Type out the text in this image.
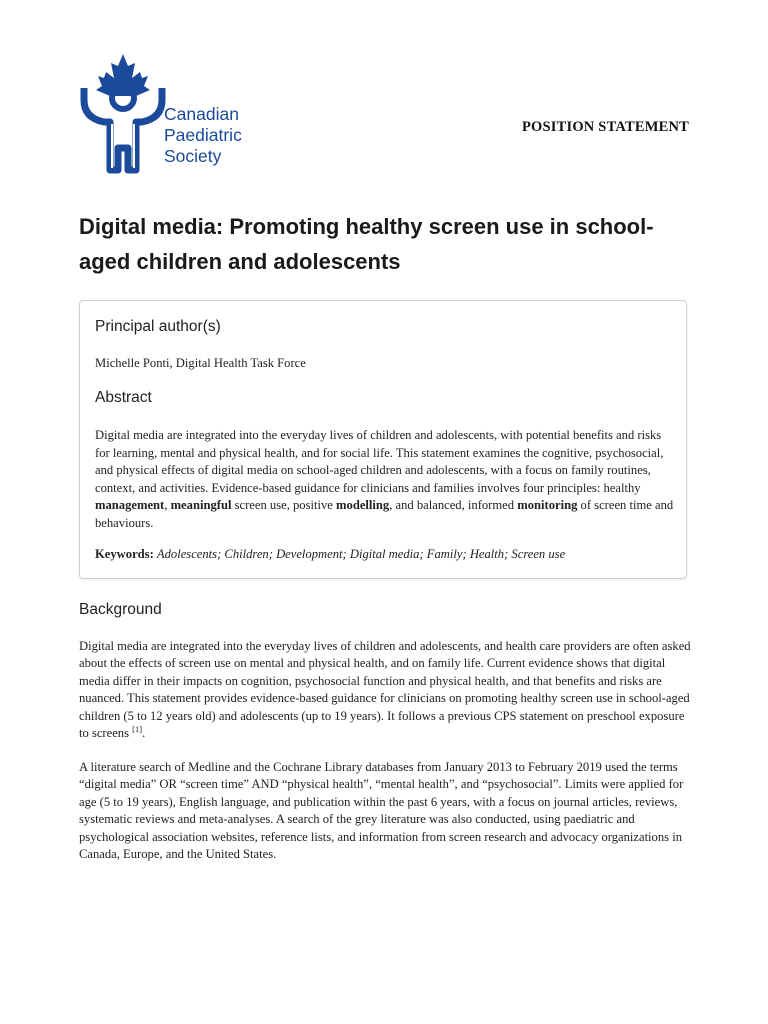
Canadian
Paediatric
Society
POSITION STATEMENT
Digital media: Promoting healthy screen use in school-aged children and adolescents
Principal author(s)

Michelle Ponti, Digital Health Task Force

Abstract

Digital media are integrated into the everyday lives of children and adolescents, with potential benefits and risks for learning, mental and physical health, and for social life. This statement examines the cognitive, psychosocial, and physical effects of digital media on school-aged children and adolescents, with a focus on family routines, context, and activities. Evidence-based guidance for clinicians and families involves four principles: healthy management, meaningful screen use, positive modelling, and balanced, informed monitoring of screen time and behaviours.

Keywords: Adolescents; Children; Development; Digital media; Family; Health; Screen use

Background

Digital media are integrated into the everyday lives of children and adolescents, and health care providers are often asked about the effects of screen use on mental and physical health, and on family life. Current evidence shows that digital media differ in their impacts on cognition, psychosocial function and physical health, and that benefits and risks are nuanced. This statement provides evidence-based guidance for clinicians on promoting healthy screen use in school-aged children (5 to 12 years old) and adolescents (up to 19 years). It follows a previous CPS statement on preschool exposure to screens [1].

A literature search of Medline and the Cochrane Library databases from January 2013 to February 2019 used the terms “digital media” OR “screen time” AND “physical health”, “mental health”, and “psychosocial”. Limits were applied for age (5 to 19 years), English language, and publication within the past 6 years, with a focus on journal articles, reviews, systematic reviews and meta-analyses. A search of the grey literature was also conducted, using paediatric and psychological association websites, reference lists, and information from screen research and advocacy organizations in Canada, Europe, and the United States.
